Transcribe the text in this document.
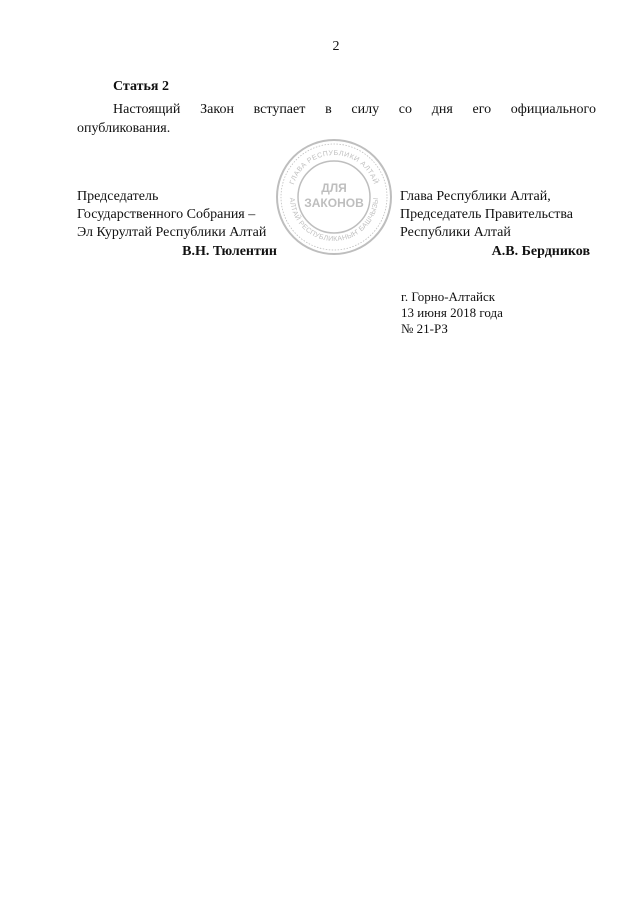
2
Статья 2
Настоящий Закон вступает в силу со дня его официального
опубликования.
Председатель
Государственного Собрания –
Эл Курултай Республики Алтай
В.Н. Тюлентин
ГЛАВА РЕСПУБЛИКИ АЛТАЙ
АЛТАЙ РЕСПУБЛИКАНЫҤ БАШЧЫЗЫ
ДЛЯ
ЗАКОНОВ	Глава Республики Алтай,
Председатель Правительства
Республики Алтай
А.В. Бердников
г. Горно-Алтайск
13 июня 2018 года
№ 21-РЗ
